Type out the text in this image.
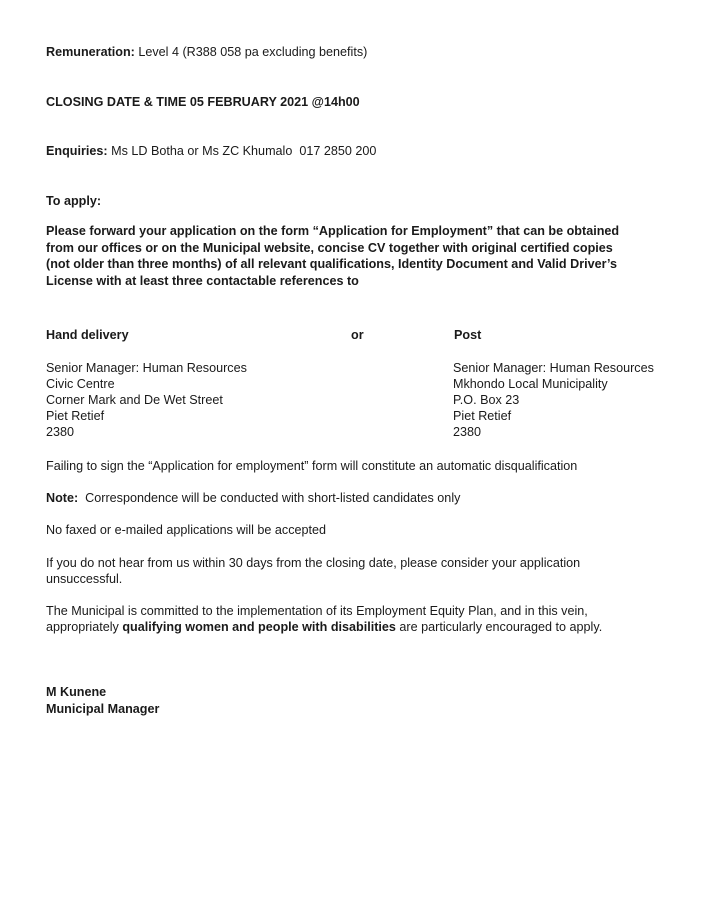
Remuneration: Level 4 (R388 058 pa excluding benefits)
CLOSING DATE & TIME 05 FEBRUARY 2021 @14h00
Enquiries: Ms LD Botha or Ms ZC Khumalo  017 2850 200
To apply:
Please forward your application on the form “Application for Employment” that can be obtained
from our offices or on the Municipal website, concise CV together with original certified copies
(not older than three months) of all relevant qualifications, Identity Document and Valid Driver’s
License with at least three contactable references to
Hand delivery	or	Post
Senior Manager: Human Resources
Civic Centre
Corner Mark and De Wet Street
Piet Retief
2380
Senior Manager: Human Resources
Mkhondo Local Municipality
P.O. Box 23
Piet Retief
2380
Failing to sign the “Application for employment” form will constitute an automatic disqualification
Note:  Correspondence will be conducted with short-listed candidates only
No faxed or e-mailed applications will be accepted
If you do not hear from us within 30 days from the closing date, please consider your application
unsuccessful.
The Municipal is committed to the implementation of its Employment Equity Plan, and in this vein,
appropriately qualifying women and people with disabilities are particularly encouraged to apply.
M Kunene
Municipal Manager
